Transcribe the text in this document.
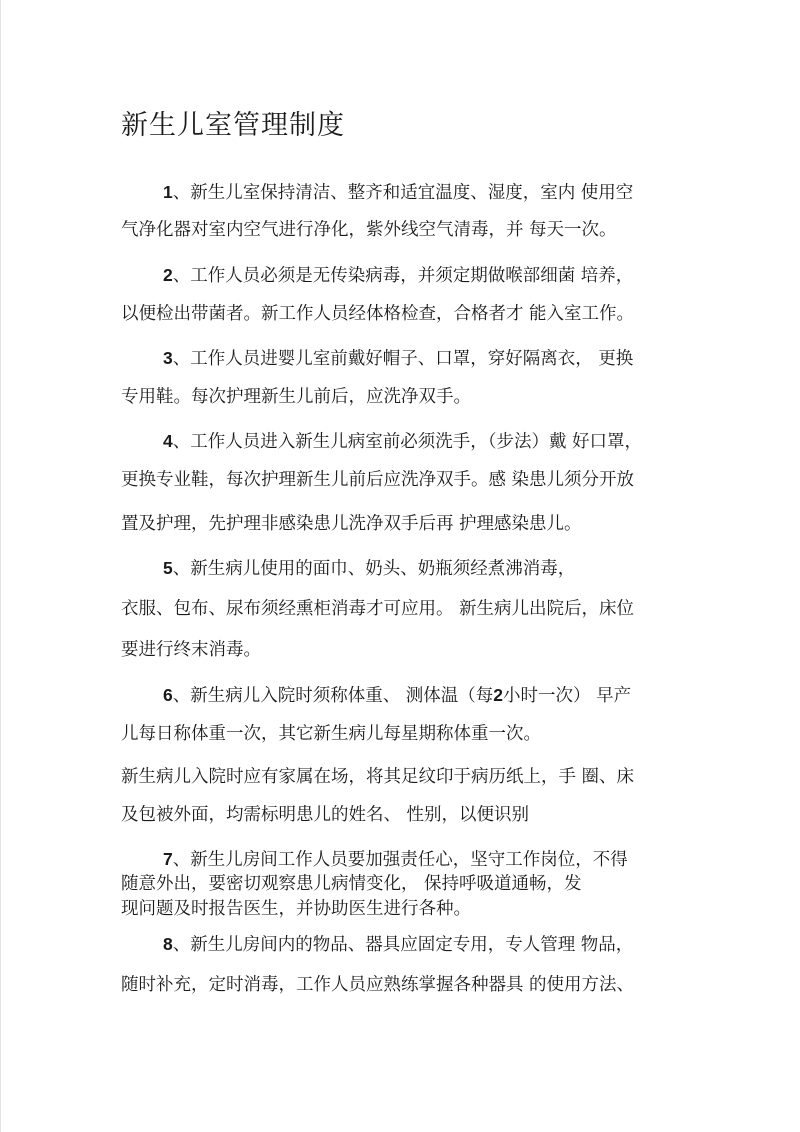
新生儿室管理制度
1、新生儿室保持清洁、整齐和适宜温度、湿度，室内 使用空
气净化器对室内空气进行净化，紫外线空气清毒，并 每天一次。
2、工作人员必须是无传染病毒，并须定期做喉部细菌 培养，
以便检出带菌者。新工作人员经体格检查，合格者才 能入室工作。
3、工作人员进婴儿室前戴好帽子、口罩，穿好隔离衣， 更换
专用鞋。每次护理新生儿前后，应洗净双手。
4、工作人员进入新生儿病室前必须洗手，（步法）戴 好口罩，
更换专业鞋，每次护理新生儿前后应洗净双手。感 染患儿须分开放
置及护理，先护理非感染患儿洗净双手后再 护理感染患儿。
5、新生病儿使用的面巾、奶头、奶瓶须经煮沸消毒，
衣服、包布、尿布须经熏柜消毒才可应用。 新生病儿出院后，床位
要进行终末消毒。
6、新生病儿入院时须称体重、 测体温（每2小时一次） 早产
儿每日称体重一次，其它新生病儿每星期称体重一次。
新生病儿入院时应有家属在场，将其足纹印于病历纸上，手 圈、床
及包被外面，均需标明患儿的姓名、 性别，以便识别
7、新生儿房间工作人员要加强责任心，坚守工作岗位，不得
随意外出，要密切观察患儿病情变化， 保持呼吸道通畅，发
现问题及时报告医生，并协助医生进行各种。
8、新生儿房间内的物品、器具应固定专用，专人管理 物品，
随时补充，定时消毒，工作人员应熟练掌握各种器具 的使用方法、
